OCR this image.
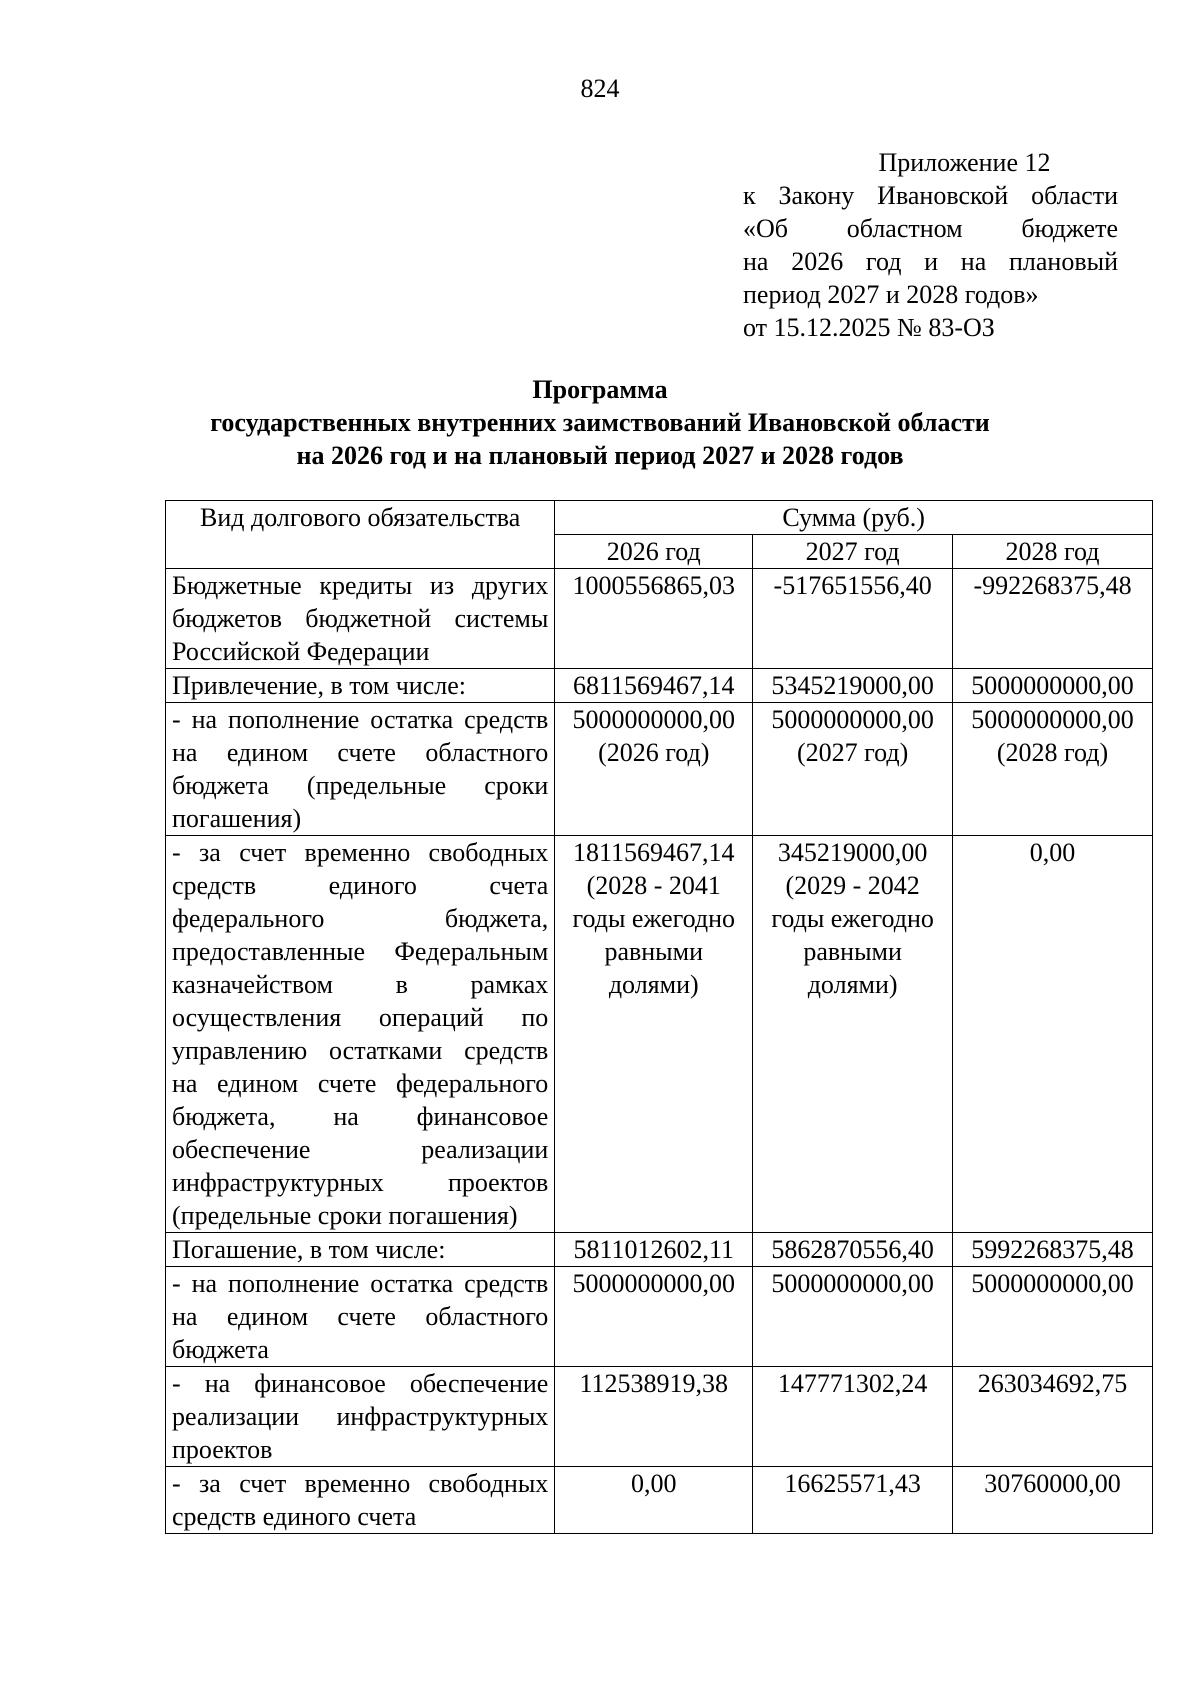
824
Приложение 12
к Закону Ивановской области
«Об областном бюджете
на 2026 год и на плановый
период 2027 и 2028 годов»
от 15.12.2025 № 83-ОЗ
Программа
государственных внутренних заимствований Ивановской области
на 2026 год и на плановый период 2027 и 2028 годов
Вид долгового обязательства	Сумма (руб.)		
	2026 год	2027 год	2028 год
Бюджетные кредиты из других бюджетов бюджетной системы Российской Федерации	1000556865,03	-517651556,40	-992268375,48
Привлечение, в том числе:	6811569467,14	5345219000,00	5000000000,00
- на пополнение остатка средств на едином счете областного бюджета (предельные сроки погашения)	5000000000,00 (2026 год)	5000000000,00 (2027 год)	5000000000,00 (2028 год)
- за счет временно свободных средств единого счета федерального бюджета, предоставленные Федеральным казначейством в рамках осуществления операций по управлению остатками средств на едином счете федерального бюджета, на финансовое обеспечение реализации инфраструктурных проектов (предельные сроки погашения)	1811569467,14 (2028 - 2041 годы ежегодно равными долями)	345219000,00 (2029 - 2042 годы ежегодно равными долями)	0,00
Погашение, в том числе:	5811012602,11	5862870556,40	5992268375,48
- на пополнение остатка средств на едином счете областного бюджета	5000000000,00	5000000000,00	5000000000,00
- на финансовое обеспечение реализации инфраструктурных проектов	112538919,38	147771302,24	263034692,75
- за счет временно свободных средств единого счета	0,00	16625571,43	30760000,00
